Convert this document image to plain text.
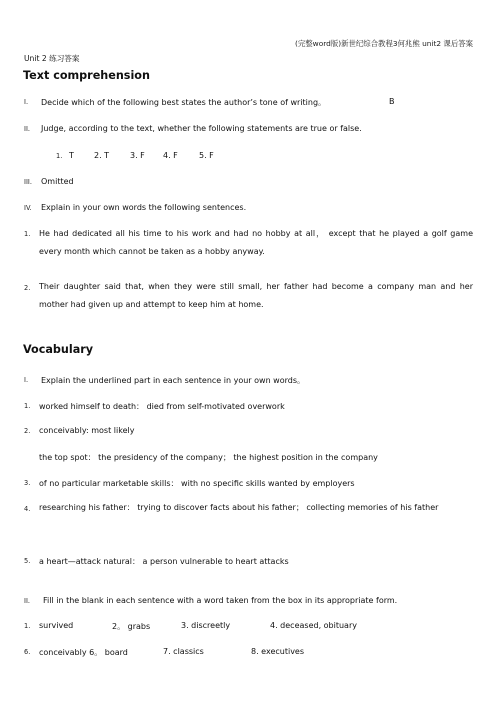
(完整word版)新世纪综合教程3何兆熊 unit2 课后答案
Unit 2 练习答案
Text comprehension
I. Decide which of the following best states the author’s tone of writing。	B
II. Judge, according to the text, whether the following statements are true or false.
1. T	2. T	3. F 4. F	5. F
III. Omitted
IV. Explain in your own words the following sentences.
1. He had dedicated all his time to his work and had no hobby at all， except that he played a golf game every month which cannot be taken as a hobby anyway.
2. Their daughter said that, when they were still small, her father had become a company man and her mother had given up and attempt to keep him at home.
Vocabulary
I. Explain the underlined part in each sentence in your own words。
1. worked himself to death： died from self-motivated overwork
2. conceivably: most likely
the top spot： the presidency of the company； the highest position in the company
3. of no particular marketable skills： with no specific skills wanted by employers
4. researching his father： trying to discover facts about his father； collecting memories of his father
5. a heart—attack natural： a person vulnerable to heart attacks
II. Fill in the blank in each sentence with a word taken from the box in its appropriate form.
1. survived	2。 grabs	3. discreetly	4. deceased, obituary
6. conceivably 6。 board	7. classics	8. executives
